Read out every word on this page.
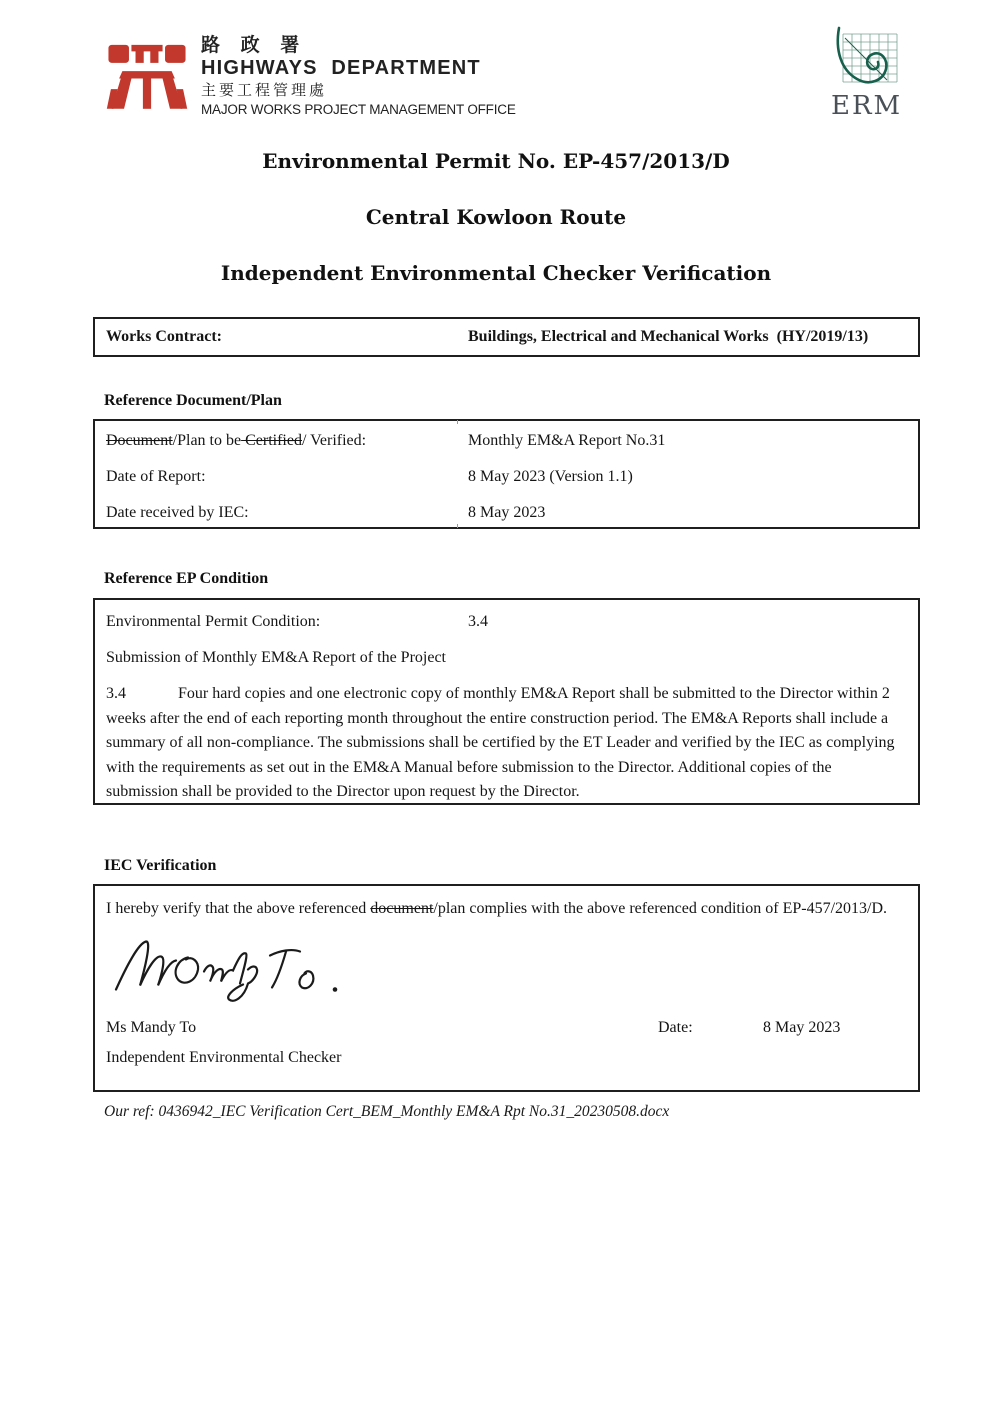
路 政 署
HIGHWAYS DEPARTMENT
主要工程管理處
MAJOR WORKS PROJECT MANAGEMENT OFFICE	ERM
Environmental Permit No. EP-457/2013/D
Central Kowloon Route
Independent Environmental Checker Verification
Works Contract:	Buildings, Electrical and Mechanical Works  (HY/2019/13)
Reference Document/Plan
Document/Plan to be Certified/ Verified:	Monthly EM&A Report No.31
Date of Report:	8 May 2023 (Version 1.1)
Date received by IEC:	8 May 2023
Reference EP Condition
Environmental Permit Condition:	3.4
Submission of Monthly EM&A Report of the Project
3.4	Four hard copies and one electronic copy of monthly EM&A Report shall be submitted to the Director within 2 weeks after the end of each reporting month throughout the entire construction period. The EM&A Reports shall include a summary of all non-compliance. The submissions shall be certified by the ET Leader and verified by the IEC as complying with the requirements as set out in the EM&A Manual before submission to the Director. Additional copies of the submission shall be provided to the Director upon request by the Director.
IEC Verification
I hereby verify that the above referenced document/plan complies with the above referenced condition of EP-457/2013/D.
Ms Mandy To	Date:	8 May 2023
Independent Environmental Checker
Our ref: 0436942_IEC Verification Cert_BEM_Monthly EM&A Rpt No.31_20230508.docx
